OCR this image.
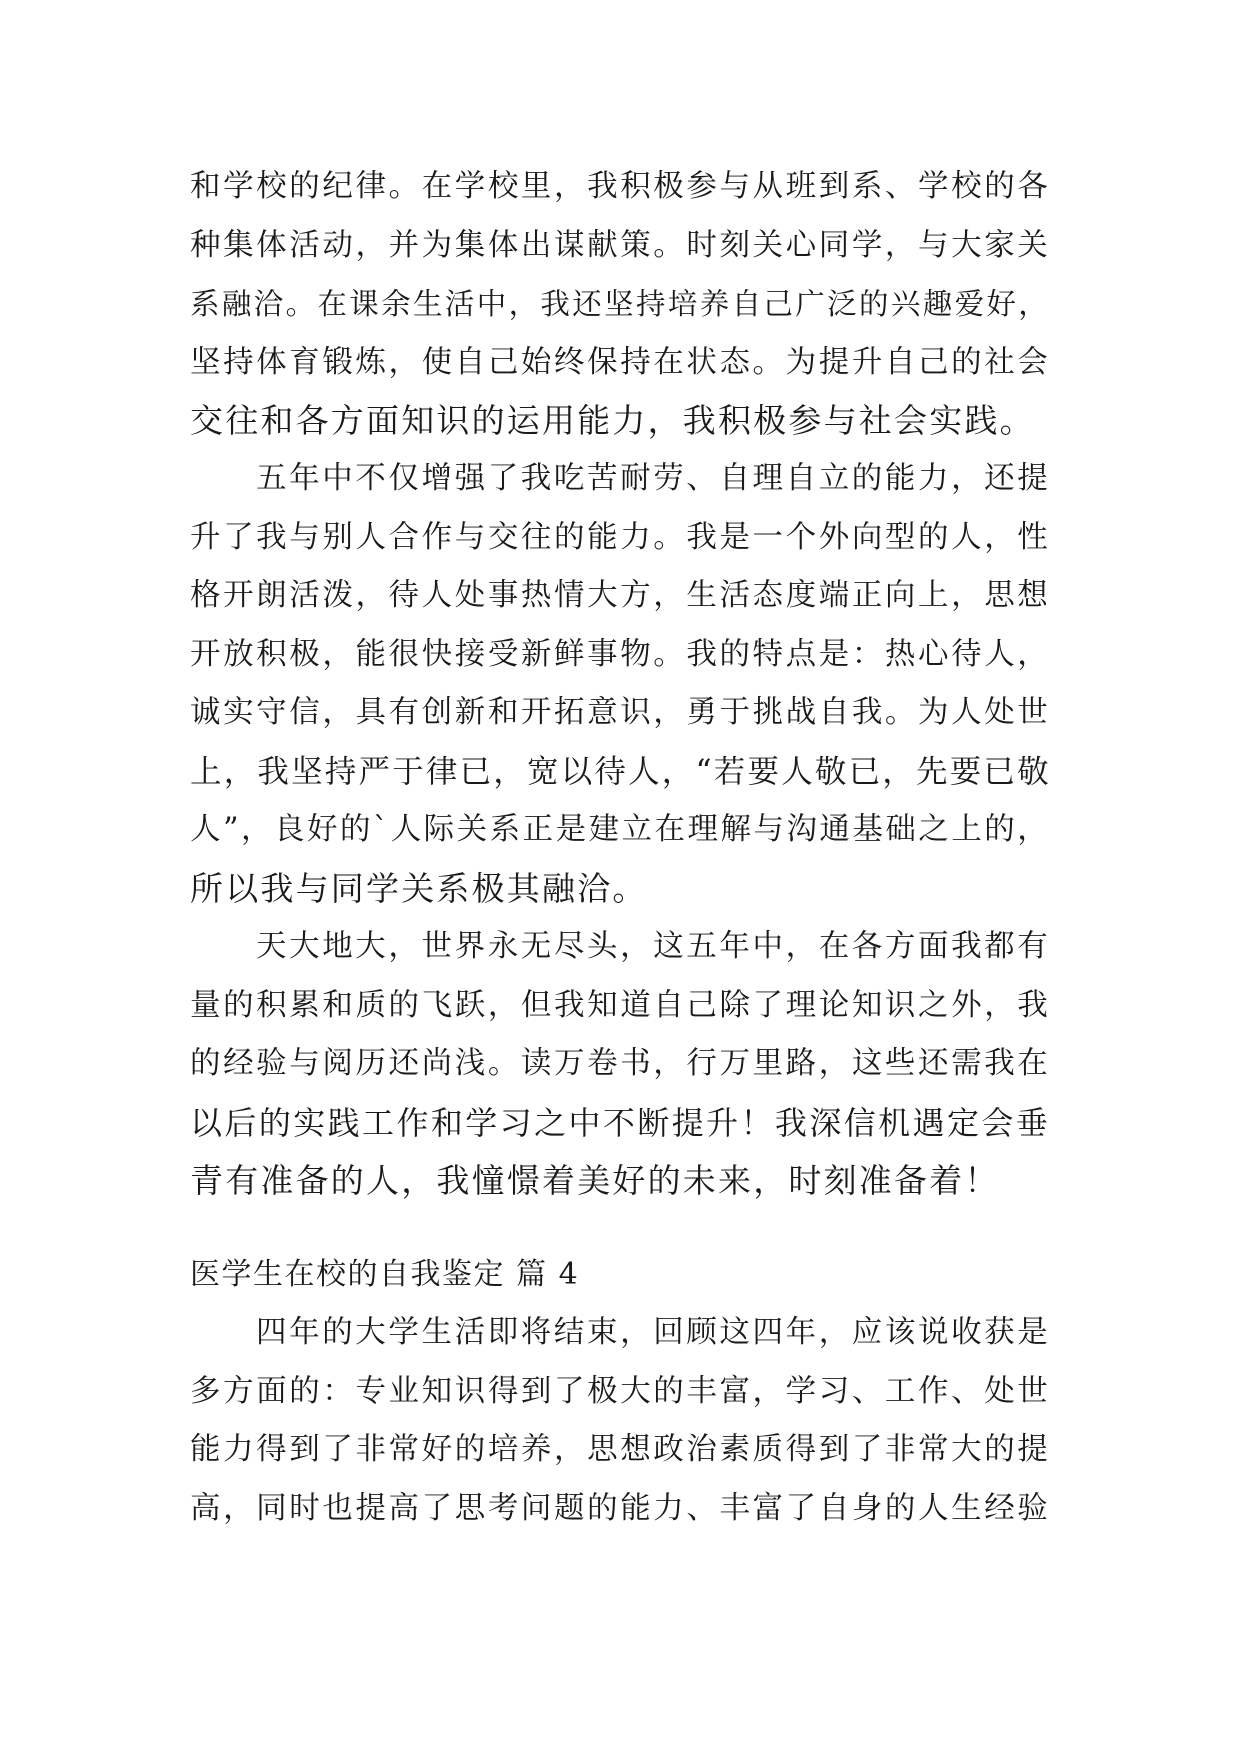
和学校的纪律。在学校里，我积极参与从班到系、学校的各
种集体活动，并为集体出谋献策。时刻关心同学，与大家关
系融洽。在课余生活中，我还坚持培养自己广泛的兴趣爱好，
坚持体育锻炼，使自己始终保持在状态。为提升自己的社会
交往和各方面知识的运用能力，我积极参与社会实践。
五年中不仅增强了我吃苦耐劳、自理自立的能力，还提
升了我与别人合作与交往的能力。我是一个外向型的人，性
格开朗活泼，待人处事热情大方，生活态度端正向上，思想
开放积极，能很快接受新鲜事物。我的特点是：热心待人，
诚实守信，具有创新和开拓意识，勇于挑战自我。为人处世
上，我坚持严于律已，宽以待人，“若要人敬已，先要已敬
人”，良好的`人际关系正是建立在理解与沟通基础之上的，
所以我与同学关系极其融洽。
天大地大，世界永无尽头，这五年中，在各方面我都有
量的积累和质的飞跃，但我知道自己除了理论知识之外，我
的经验与阅历还尚浅。读万卷书，行万里路，这些还需我在
以后的实践工作和学习之中不断提升！我深信机遇定会垂
青有准备的人，我憧憬着美好的未来，时刻准备着！
医学生在校的自我鉴定 篇 4
四年的大学生活即将结束，回顾这四年，应该说收获是
多方面的：专业知识得到了极大的丰富，学习、工作、处世
能力得到了非常好的培养，思想政治素质得到了非常大的提
高，同时也提高了思考问题的能力、丰富了自身的人生经验
